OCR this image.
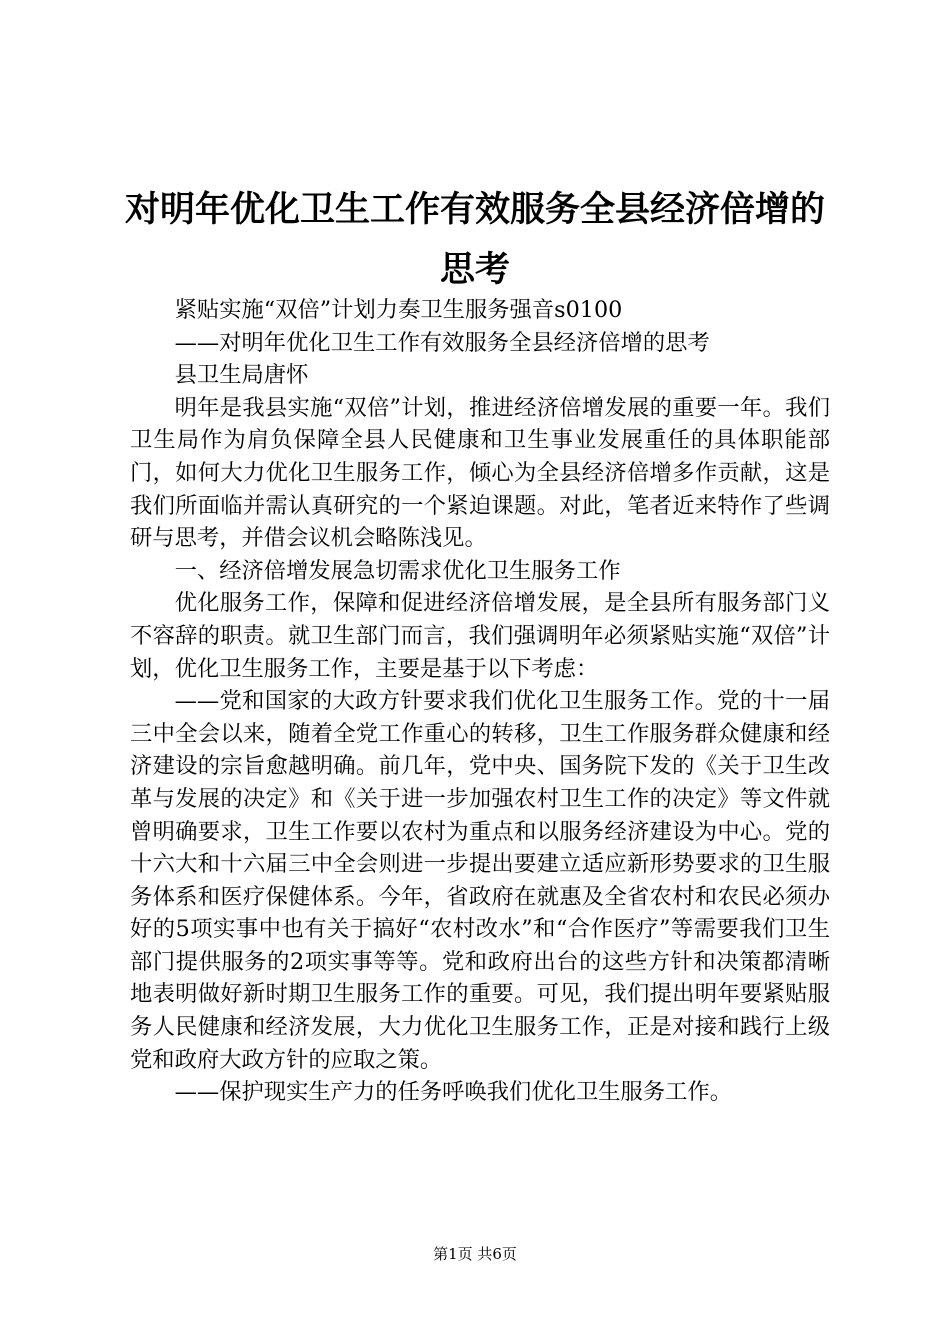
对明年优化卫生工作有效服务全县经济倍增的
思考

紧贴实施“双倍”计划力奏卫生服务强音s0100

——对明年优化卫生工作有效服务全县经济倍增的思考

县卫生局唐怀

明年是我县实施“双倍”计划，推进经济倍增发展的重要一年。我们卫生局作为肩负保障全县人民健康和卫生事业发展重任的具体职能部门，如何大力优化卫生服务工作，倾心为全县经济倍增多作贡献，这是我们所面临并需认真研究的一个紧迫课题。对此，笔者近来特作了些调研与思考，并借会议机会略陈浅见。

一、经济倍增发展急切需求优化卫生服务工作

优化服务工作，保障和促进经济倍增发展，是全县所有服务部门义不容辞的职责。就卫生部门而言，我们强调明年必须紧贴实施“双倍”计划，优化卫生服务工作，主要是基于以下考虑：

——党和国家的大政方针要求我们优化卫生服务工作。党的十一届三中全会以来，随着全党工作重心的转移，卫生工作服务群众健康和经济建设的宗旨愈越明确。前几年，党中央、国务院下发的《关于卫生改革与发展的决定》和《关于进一步加强农村卫生工作的决定》等文件就曾明确要求，卫生工作要以农村为重点和以服务经济建设为中心。党的十六大和十六届三中全会则进一步提出要建立适应新形势要求的卫生服务体系和医疗保健体系。今年，省政府在就惠及全省农村和农民必须办好的5项实事中也有关于搞好“农村改水”和“合作医疗”等需要我们卫生部门提供服务的2项实事等等。党和政府出台的这些方针和决策都清晰地表明做好新时期卫生服务工作的重要。可见，我们提出明年要紧贴服务人民健康和经济发展，大力优化卫生服务工作，正是对接和践行上级党和政府大政方针的应取之策。

——保护现实生产力的任务呼唤我们优化卫生服务工作。

第1页 共6页
